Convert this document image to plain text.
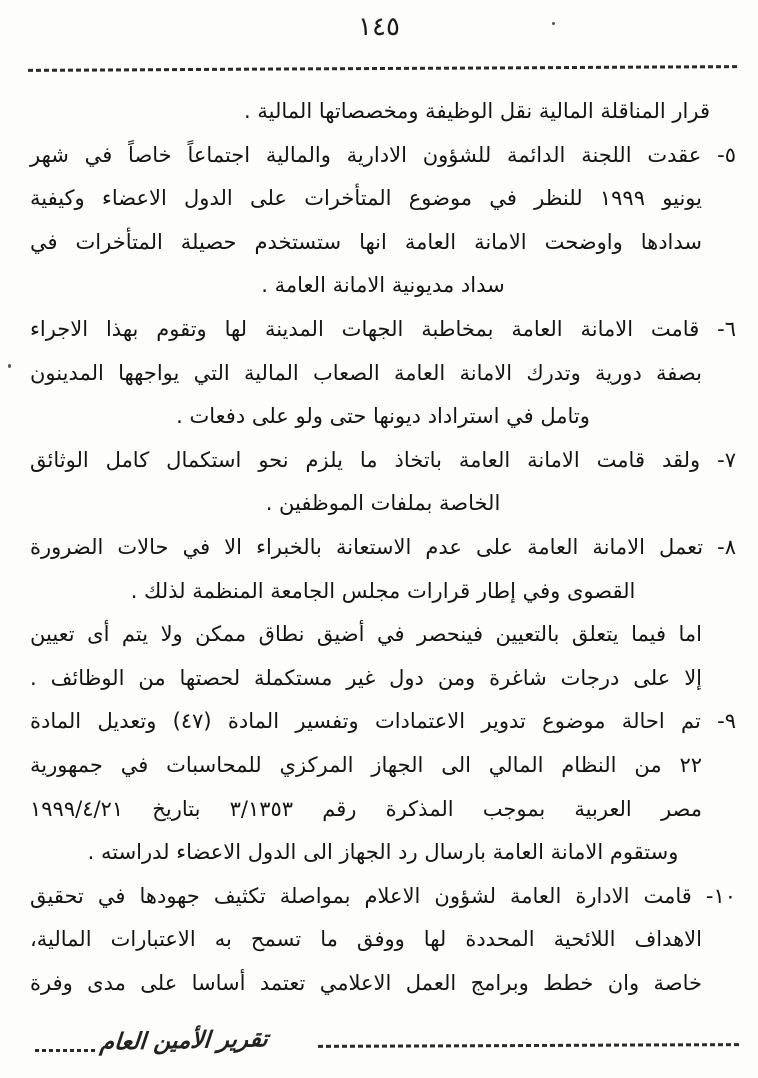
١٤٥
قرار المناقلة المالية نقل الوظيفة ومخصصاتها المالية .
٥- عقدت اللجنة الدائمة للشؤون الادارية والمالية اجتماعاً خاصاً في شهر
يونيو ١٩٩٩ للنظر في موضوع المتأخرات على الدول الاعضاء وكيفية
سدادها واوضحت الامانة العامة انها ستستخدم حصيلة المتأخرات في
سداد مديونية الامانة العامة .
٦- قامت الامانة العامة بمخاطبة الجهات المدينة لها وتقوم بهذا الاجراء
بصفة دورية وتدرك الامانة العامة الصعاب المالية التي يواجهها المدينون
وتامل في استراداد ديونها حتى ولو على دفعات .
٧- ولقد قامت الامانة العامة باتخاذ ما يلزم نحو استكمال كامل الوثائق
الخاصة بملفات الموظفين .
٨- تعمل الامانة العامة على عدم الاستعانة بالخبراء الا في حالات الضرورة
القصوى وفي إطار قرارات مجلس الجامعة المنظمة لذلك .
اما فيما يتعلق بالتعيين فينحصر في أضيق نطاق ممكن ولا يتم أى تعيين
إلا على درجات شاغرة ومن دول غير مستكملة لحصتها من الوظائف .
٩- تم احالة موضوع تدوير الاعتمادات وتفسير المادة (٤٧) وتعديل المادة
٢٢ من النظام المالي الى الجهاز المركزي للمحاسبات في جمهورية
مصر العربية بموجب المذكرة رقم ٣/١٣٥٣ بتاريخ ١٩٩٩/٤/٢١
وستقوم الامانة العامة بارسال رد الجهاز الى الدول الاعضاء لدراسته .
١٠- قامت الادارة العامة لشؤون الاعلام بمواصلة تكثيف جهودها في تحقيق
الاهداف اللائحية المحددة لها ووفق ما تسمح به الاعتبارات المالية،
خاصة وان خطط وبرامج العمل الاعلامي تعتمد أساسا على مدى وفرة
تقرير الأمين العام
